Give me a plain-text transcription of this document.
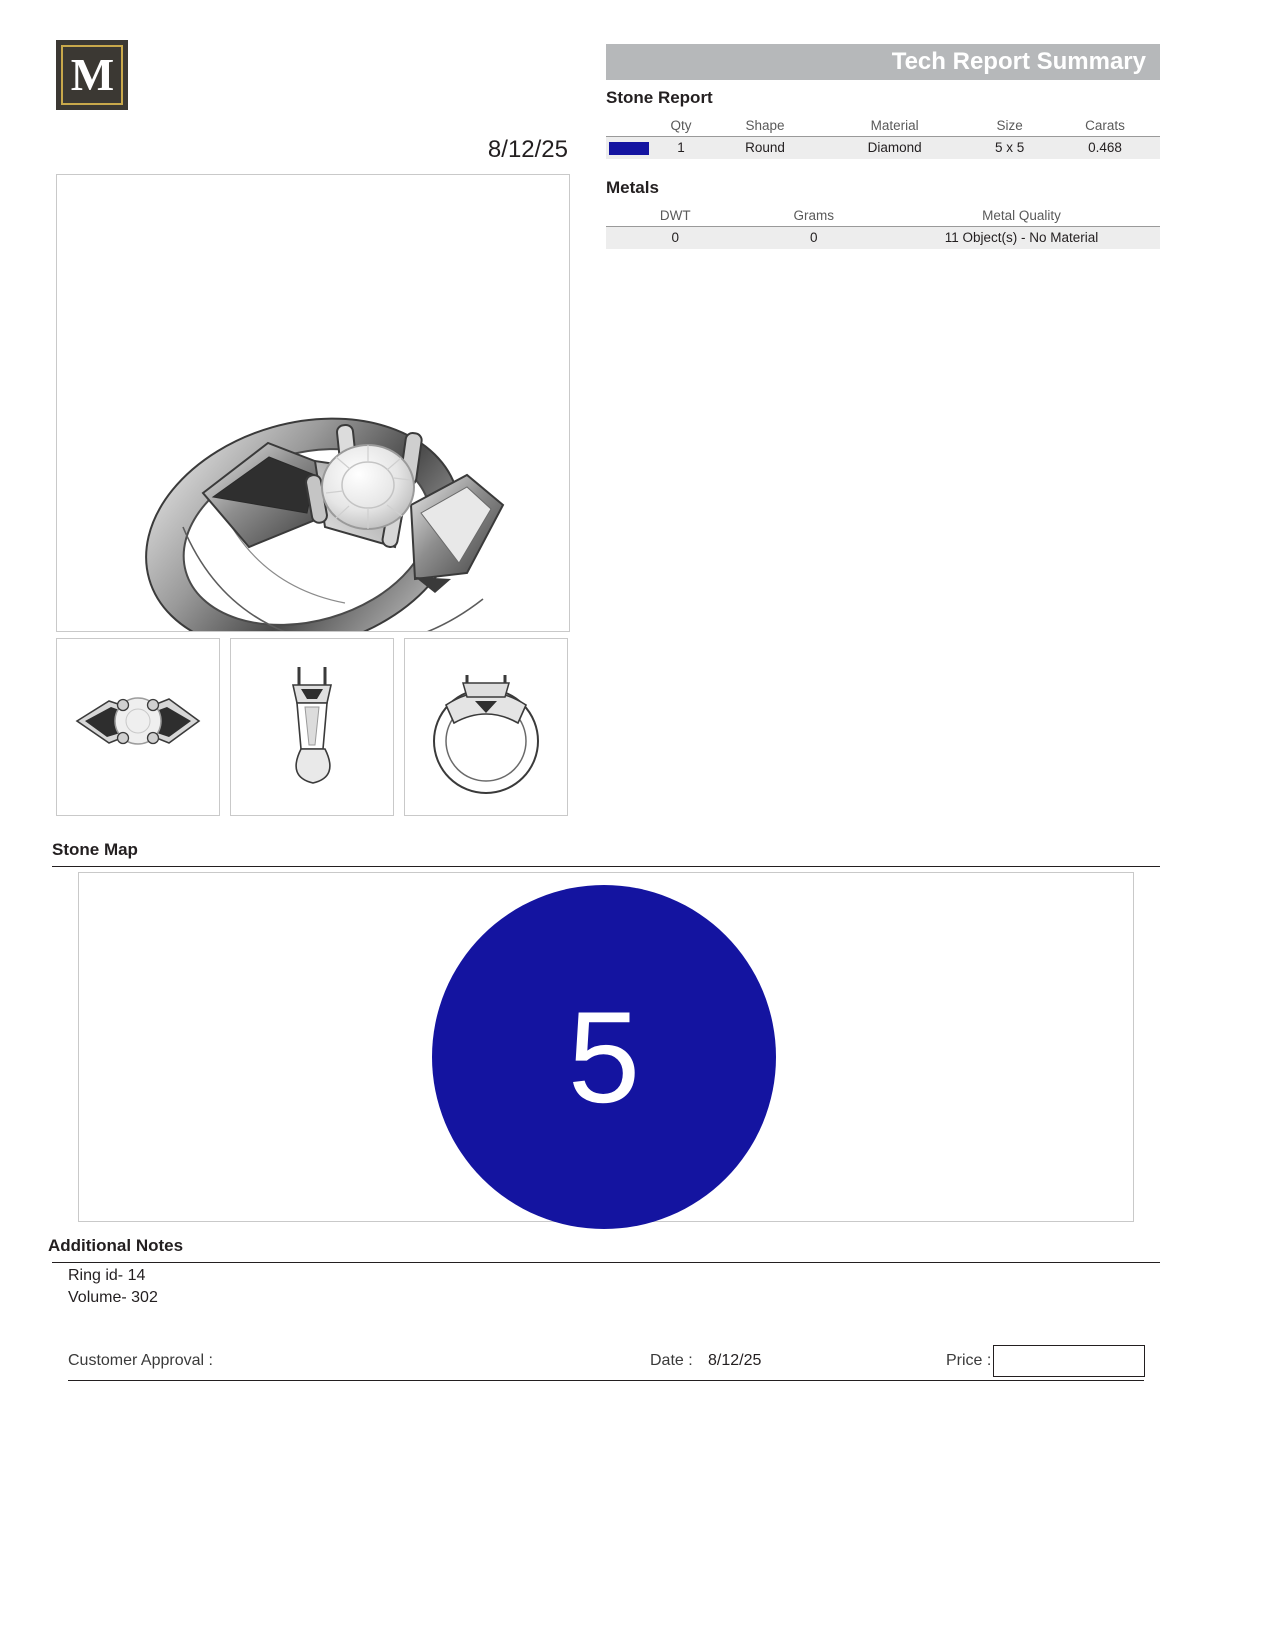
M
8/12/25
Tech Report Summary
Stone Report
	Qty	Shape	Material	Size	Carats

	1	Round	Diamond	5 x 5	0.468
Metals
DWT	Grams	Metal Quality
0	0	11 Object(s) - No Material
Stone Map
5
Additional Notes
Ring id- 14
Volume- 302
Customer Approval :	Date : 8/12/25	Price :
